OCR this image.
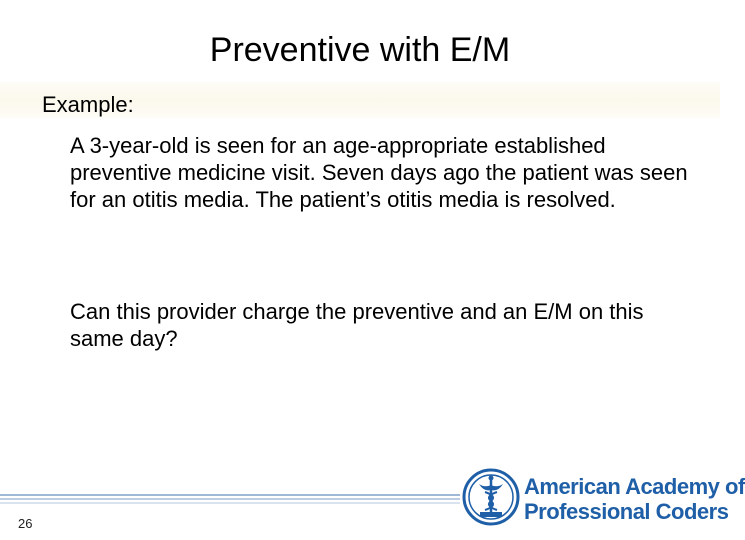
Preventive with E/M
Example:
A 3-year-old is seen for an age-appropriate established preventive medicine visit. Seven days ago the patient was seen for an otitis media. The patient’s otitis media is resolved.
Can this provider charge the preventive and an E/M on this same day?
26
American Academy of
Professional Coders
